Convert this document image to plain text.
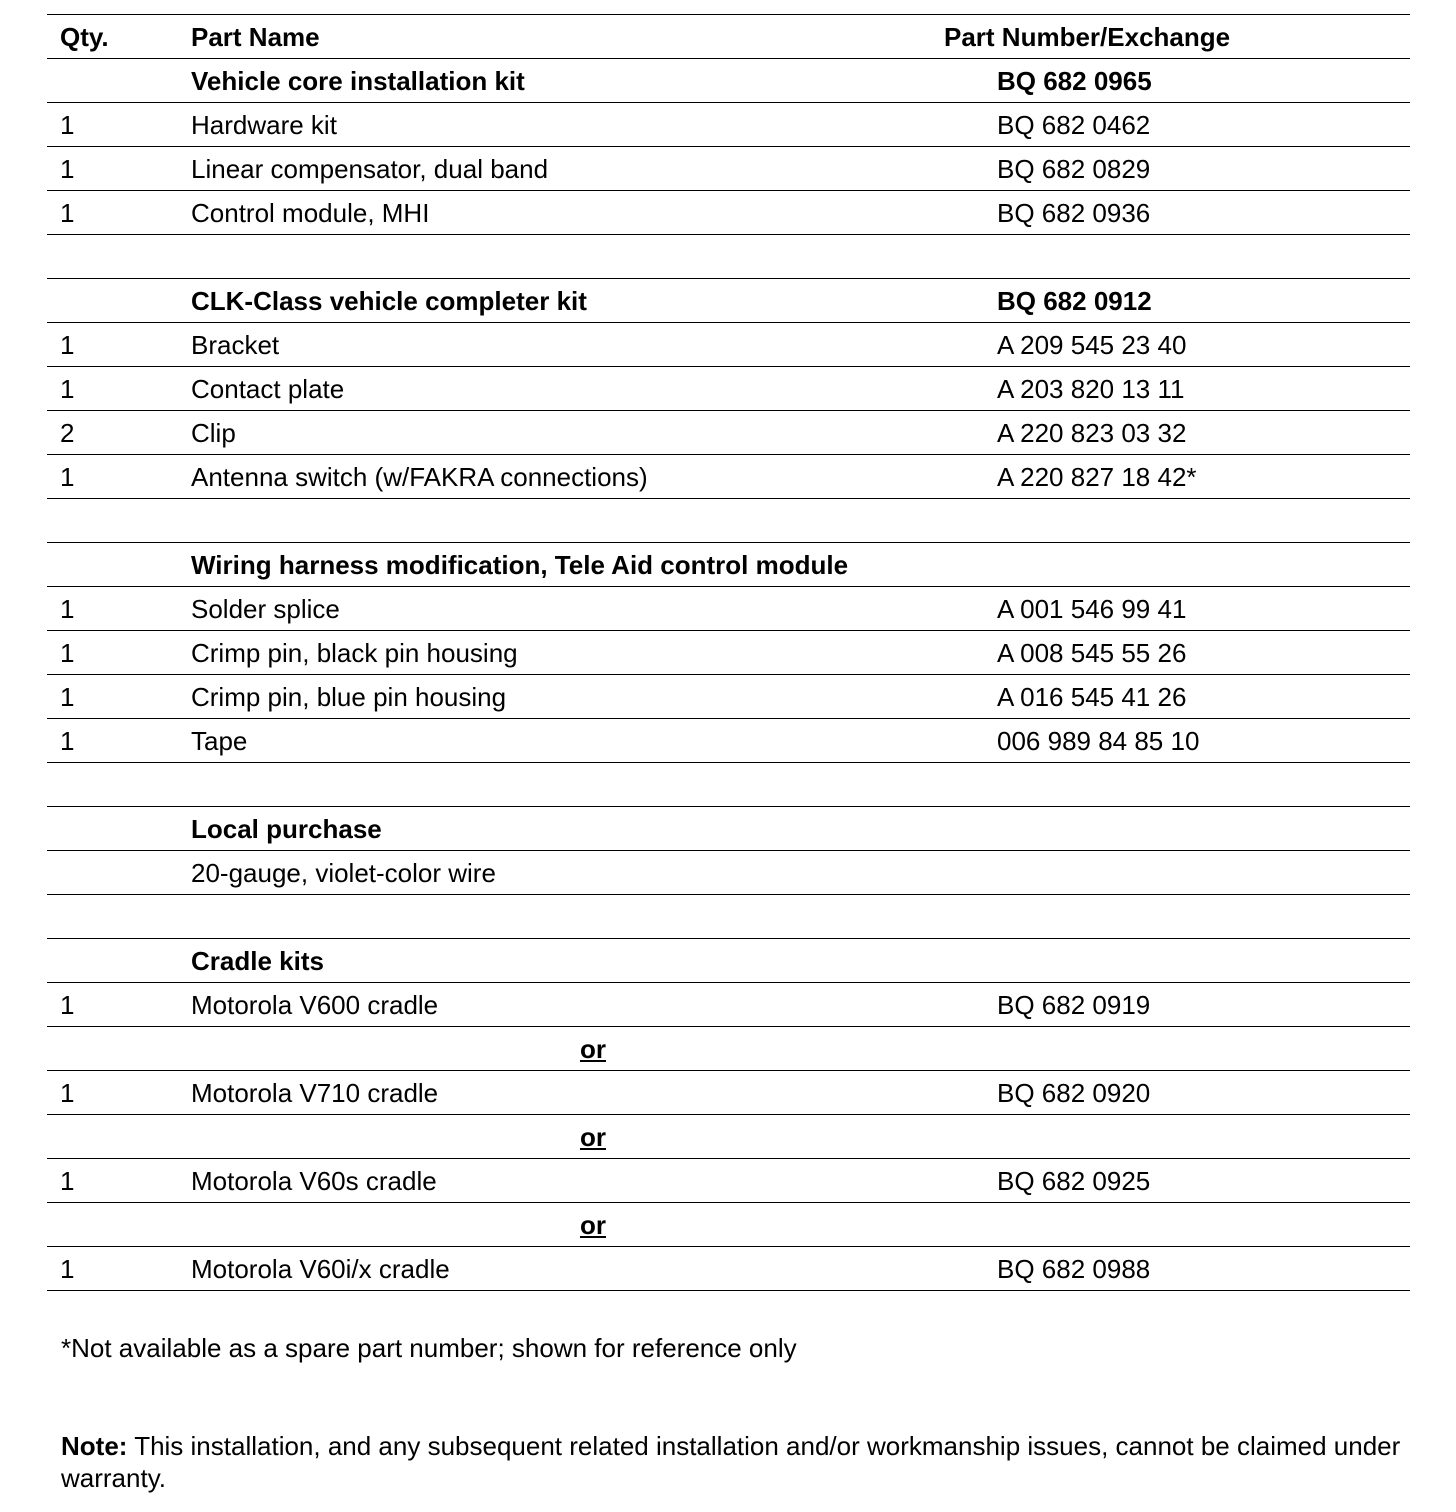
Qty.	Part Name	Part Number/Exchange
Vehicle core installation kit	BQ 682 0965
1	Hardware kit	BQ 682 0462
1	Linear compensator, dual band	BQ 682 0829
1	Control module, MHI	BQ 682 0936
CLK-Class vehicle completer kit	BQ 682 0912
1	Bracket	A 209 545 23 40
1	Contact plate	A 203 820 13 11
2	Clip	A 220 823 03 32
1	Antenna switch (w/FAKRA connections)	A 220 827 18 42*
Wiring harness modification, Tele Aid control module
1	Solder splice	A 001 546 99 41
1	Crimp pin, black pin housing	A 008 545 55 26
1	Crimp pin, blue pin housing	A 016 545 41 26
1	Tape	006 989 84 85 10
Local purchase
20-gauge, violet-color wire
Cradle kits
1	Motorola V600 cradle	BQ 682 0919
or
1	Motorola V710 cradle	BQ 682 0920
or
1	Motorola V60s cradle	BQ 682 0925
or
1	Motorola V60i/x cradle	BQ 682 0988
*Not available as a spare part number; shown for reference only
Note: This installation, and any subsequent related installation and/or workmanship issues, cannot be claimed under warranty.
